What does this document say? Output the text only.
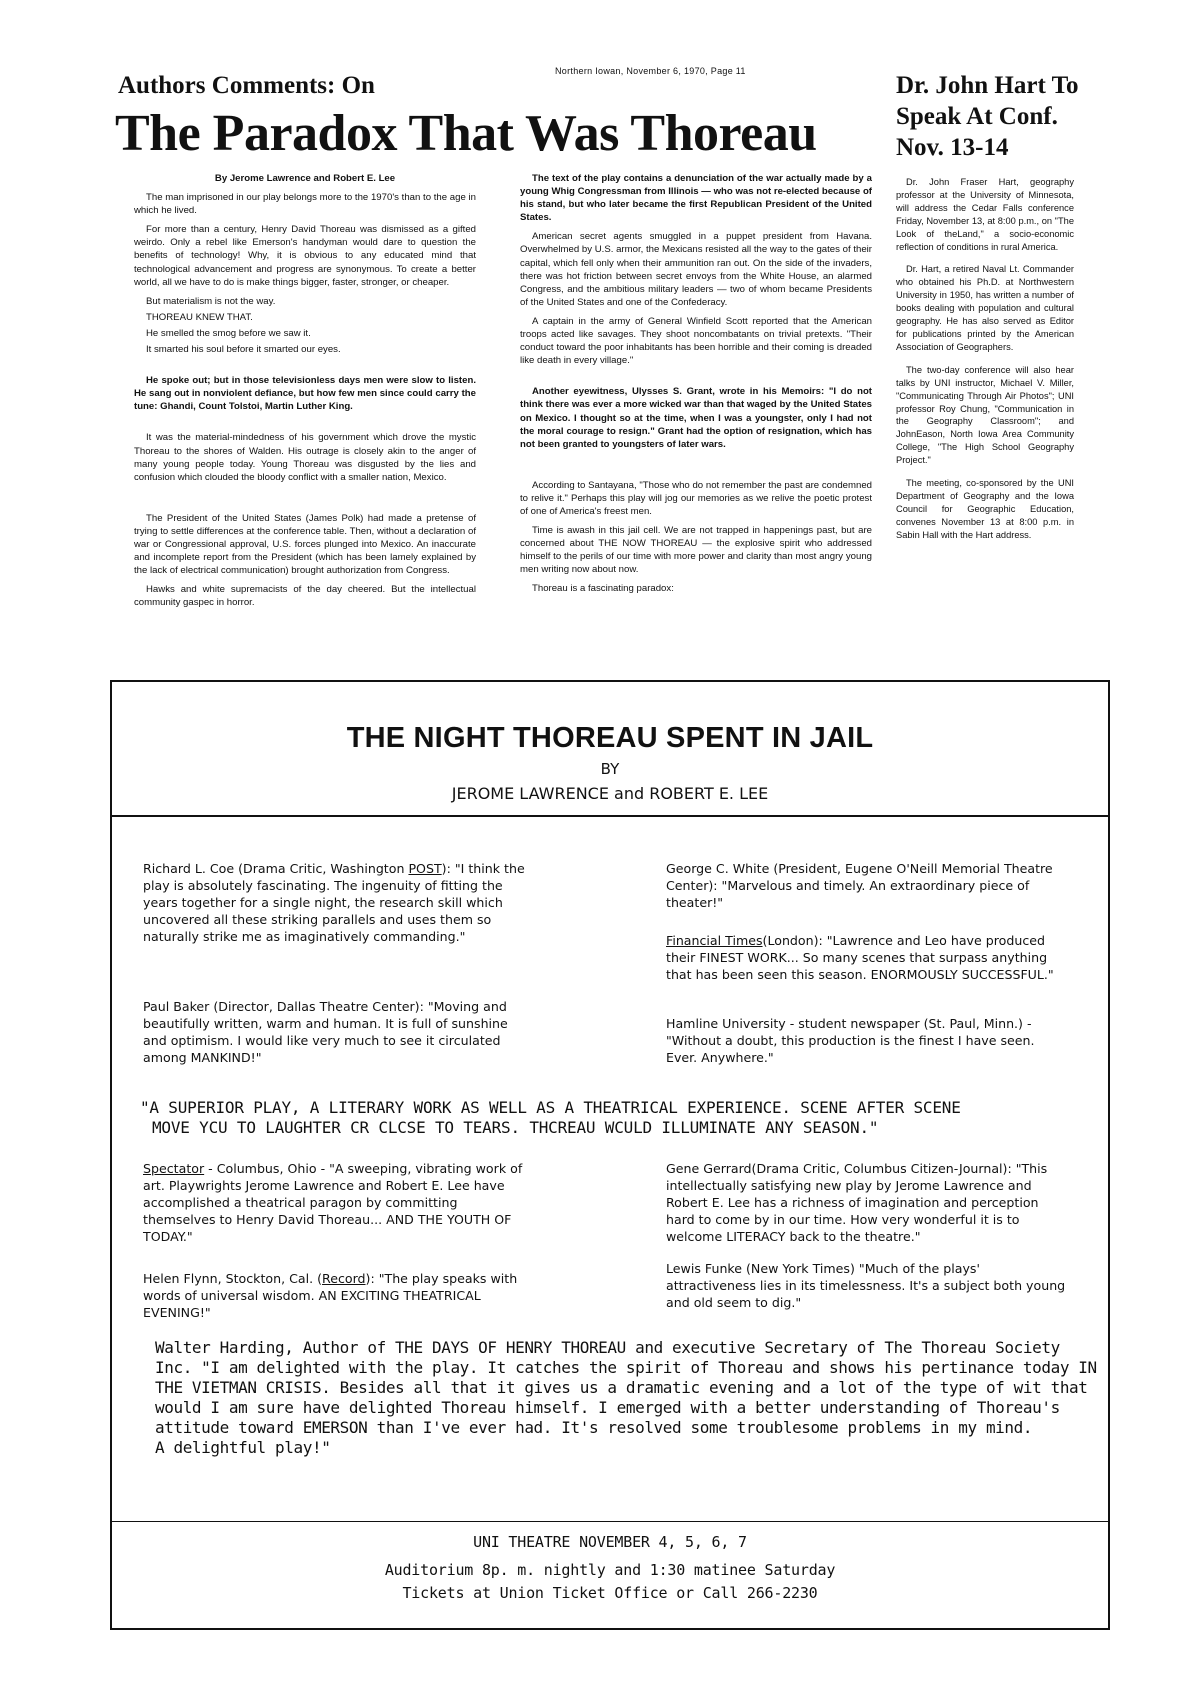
Northern Iowan, November 6, 1970, Page 11
Authors Comments: On
The Paradox That Was Thoreau
Dr. John Hart To Speak At Conf. Nov. 13-14

By Jerome Lawrence and Robert E. Lee

The man imprisoned in our play belongs more to the 1970's than to the age in which he lived.

For more than a century, Henry David Thoreau was dismissed as a gifted weirdo. Only a rebel like Emerson's handyman would dare to question the benefits of technology! Why, it is obvious to any educated mind that technological advancement and progress are synonymous. To create a better world, all we have to do is make things bigger, faster, stronger, or cheaper.

But materialism is not the way.

THOREAU KNEW THAT.

He smelled the smog before we saw it.

It smarted his soul before it smarted our eyes.

He spoke out; but in those televisionless days men were slow to listen. He sang out in nonviolent defiance, but how few men since could carry the tune: Ghandi, Count Tolstoi, Martin Luther King.

It was the material-mindedness of his government which drove the mystic Thoreau to the shores of Walden. His outrage is closely akin to the anger of many young people today. Young Thoreau was disgusted by the lies and confusion which clouded the bloody conflict with a smaller nation, Mexico.

The President of the United States (James Polk) had made a pretense of trying to settle differences at the conference table. Then, without a declaration of war or Congressional approval, U.S. forces plunged into Mexico. An inaccurate and incomplete report from the President (which has been lamely explained by the lack of electrical communication) brought authorization from Congress.

Hawks and white supremacists of the day cheered. But the intellectual community gaspec in horror.

The text of the play contains a denunciation of the war actually made by a young Whig Congressman from Illinois — who was not re-elected because of his stand, but who later became the first Republican President of the United States.

American secret agents smuggled in a puppet president from Havana. Overwhelmed by U.S. armor, the Mexicans resisted all the way to the gates of their capital, which fell only when their ammunition ran out. On the side of the invaders, there was hot friction between secret envoys from the White House, an alarmed Congress, and the ambitious military leaders — two of whom became Presidents of the United States and one of the Confederacy.

A captain in the army of General Winfield Scott reported that the American troops acted like savages. They shoot noncombatants on trivial pretexts. "Their conduct toward the poor inhabitants has been horrible and their coming is dreaded like death in every village."

Another eyewitness, Ulysses S. Grant, wrote in his Memoirs: "I do not think there was ever a more wicked war than that waged by the United States on Mexico. I thought so at the time, when I was a youngster, only I had not the moral courage to resign." Grant had the option of resignation, which has not been granted to youngsters of later wars.

According to Santayana, "Those who do not remember the past are condemned to relive it." Perhaps this play will jog our memories as we relive the poetic protest of one of America's freest men.

Time is awash in this jail cell. We are not trapped in happenings past, but are concerned about THE NOW THOREAU — the explosive spirit who addressed himself to the perils of our time with more power and clarity than most angry young men writing now about now.

Thoreau is a fascinating paradox:

Dr. John Fraser Hart, geography professor at the University of Minnesota, will address the Cedar Falls conference Friday, November 13, at 8:00 p.m., on "The Look of theLand," a socio-economic reflection of conditions in rural America.

Dr. Hart, a retired Naval Lt. Commander who obtained his Ph.D. at Northwestern University in 1950, has written a number of books dealing with population and cultural geography. He has also served as Editor for publications printed by the American Association of Geographers.

The two-day conference will also hear talks by UNI instructor, Michael V. Miller, "Communicating Through Air Photos"; UNI professor Roy Chung, "Communication in the Geography Classroom"; and JohnEason, North Iowa Area Community College, "The High School Geography Project."

The meeting, co-sponsored by the UNI Department of Geography and the Iowa Council for Geographic Education, convenes November 13 at 8:00 p.m. in Sabin Hall with the Hart address.

THE NIGHT THOREAU SPENT IN JAIL
BY
JEROME LAWRENCE and ROBERT E. LEE
Richard L. Coe (Drama Critic, Washington POST): "I think the play is absolutely fascinating. The ingenuity of fitting the years together for a single night, the research skill which uncovered all these striking parallels and uses them so naturally strike me as imaginatively commanding."
Paul Baker (Director, Dallas Theatre Center): "Moving and beautifully written, warm and human. It is full of sunshine and optimism. I would like very much to see it circulated among MANKIND!"
George C. White (President, Eugene O'Neill Memorial Theatre Center): "Marvelous and timely. An extraordinary piece of theater!"
Financial Times(London): "Lawrence and Leo have produced their FINEST WORK... So many scenes that surpass anything that has been seen this season. ENORMOUSLY SUCCESSFUL."
Hamline University - student newspaper (St. Paul, Minn.) - "Without a doubt, this production is the finest I have seen. Ever. Anywhere."
"A SUPERIOR PLAY, A LITERARY WORK AS WELL AS A THEATRICAL EXPERIENCE. SCENE AFTER SCENE
MOVE YCU TO LAUGHTER CR CLCSE TO TEARS. THCREAU WCULD ILLUMINATE ANY SEASON."
Spectator - Columbus, Ohio - "A sweeping, vibrating work of art. Playwrights Jerome Lawrence and Robert E. Lee have accomplished a theatrical paragon by committing themselves to Henry David Thoreau... AND THE YOUTH OF TODAY."
Helen Flynn, Stockton, Cal. (Record): "The play speaks with words of universal wisdom. AN EXCITING THEATRICAL EVENING!"
Gene Gerrard(Drama Critic, Columbus Citizen-Journal): "This intellectually satisfying new play by Jerome Lawrence and Robert E. Lee has a richness of imagination and perception hard to come by in our time. How very wonderful it is to welcome LITERACY back to the theatre."
Lewis Funke (New York Times) "Much of the plays' attractiveness lies in its timelessness. It's a subject both young and old seem to dig."
Walter Harding, Author of THE DAYS OF HENRY THOREAU and executive Secretary of The Thoreau Society
Inc. "I am delighted with the play. It catches the spirit of Thoreau and shows his pertinance today IN
THE VIETMAN CRISIS. Besides all that it gives us a dramatic evening and a lot of the type of wit that
would I am sure have delighted Thoreau himself. I emerged with a better understanding of Thoreau's
attitude toward EMERSON than I've ever had. It's resolved some troublesome problems in my mind.
A delightful play!"
UNI THEATRE NOVEMBER 4, 5, 6, 7
Auditorium 8p. m. nightly and 1:30 matinee Saturday
Tickets at Union Ticket Office or Call 266-2230
